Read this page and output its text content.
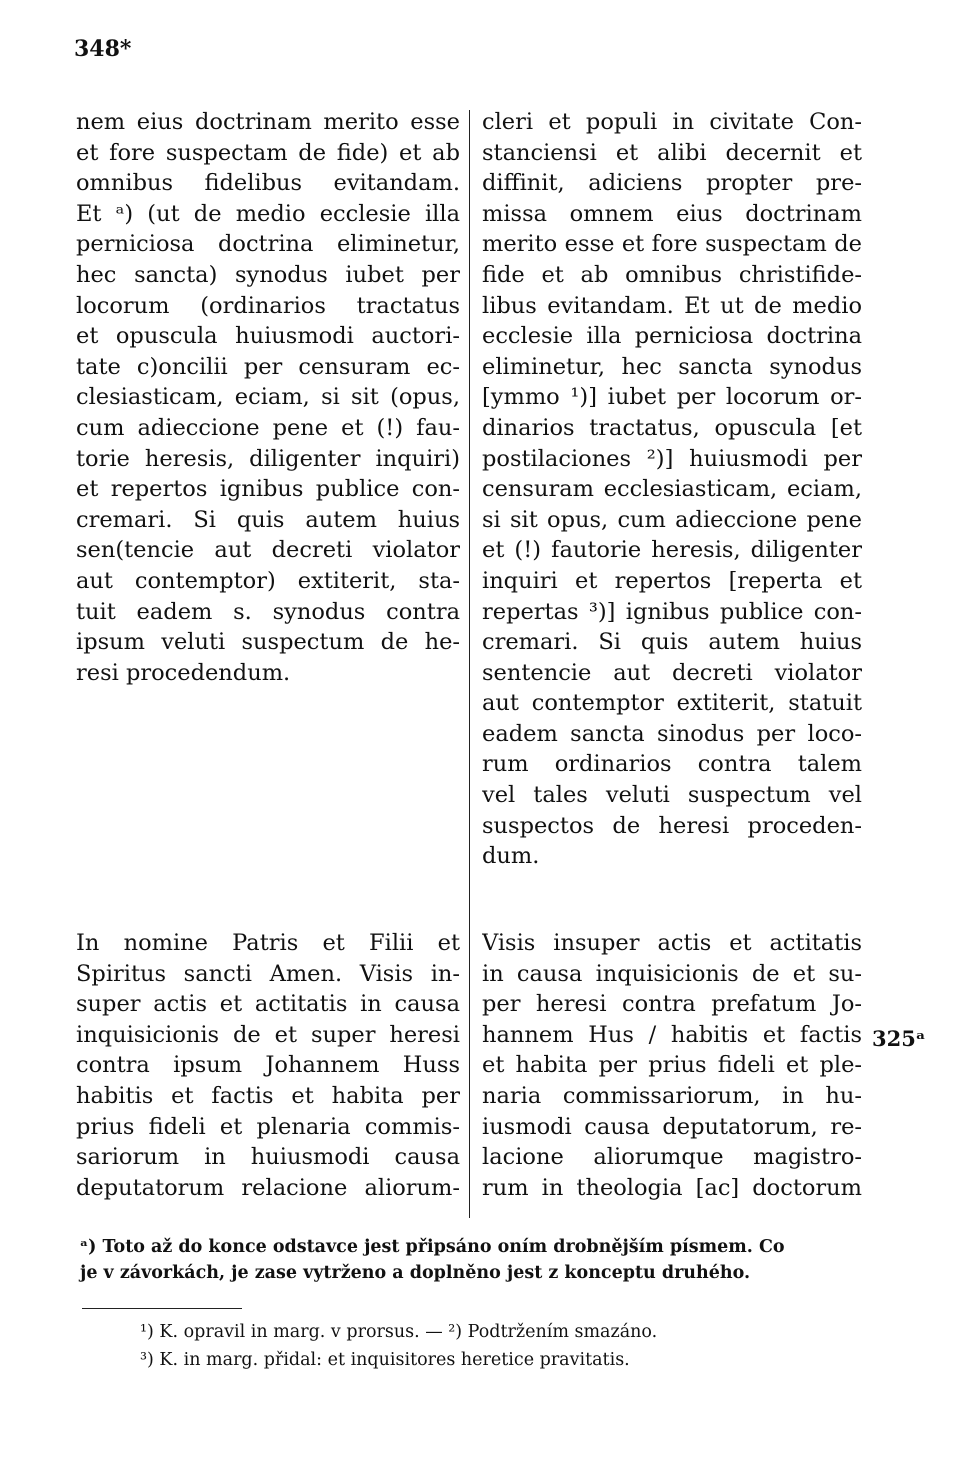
348*
nem eius doctrinam merito esse
et fore suspectam de fide) et ab
omnibus fidelibus evitandam.
Et ᵃ) (ut de medio ecclesie illa
perniciosa doctrina eliminetur,
hec sancta) synodus iubet per
locorum (ordinarios tractatus
et opuscula huiusmodi auctori-
tate c)oncilii per censuram ec-
clesiasticam, eciam, si sit (opus,
cum adieccione pene et (!) fau-
torie heresis, diligenter inquiri)
et repertos ignibus publice con-
cremari. Si quis autem huius
sen(tencie aut decreti violator
aut contemptor) extiterit, sta-
tuit eadem s. synodus contra
ipsum veluti suspectum de he-
resi procedendum.
In nomine Patris et Filii et
Spiritus sancti Amen. Visis in-
super actis et actitatis in causa
inquisicionis de et super heresi
contra ipsum Johannem Huss
habitis et factis et habita per
prius fideli et plenaria commis-
sariorum in huiusmodi causa
deputatorum relacione aliorum-
cleri et populi in civitate Con-
stanciensi et alibi decernit et
diffinit, adiciens propter pre-
missa omnem eius doctrinam
merito esse et fore suspectam de
fide et ab omnibus christifide-
libus evitandam. Et ut de medio
ecclesie illa perniciosa doctrina
eliminetur, hec sancta synodus
[ymmo ¹)] iubet per locorum or-
dinarios tractatus, opuscula [et
postilaciones ²)] huiusmodi per
censuram ecclesiasticam, eciam,
si sit opus, cum adieccione pene
et (!) fautorie heresis, diligenter
inquiri et repertos [reperta et
repertas ³)] ignibus publice con-
cremari. Si quis autem huius
sentencie aut decreti violator
aut contemptor extiterit, statuit
eadem sancta sinodus per loco-
rum ordinarios contra talem
vel tales veluti suspectum vel
suspectos de heresi proceden-
dum.
Visis insuper actis et actitatis
in causa inquisicionis de et su-
per heresi contra prefatum Jo-
hannem Hus / habitis et factis
et habita per prius fideli et ple-
naria commissariorum, in hu-
iusmodi causa deputatorum, re-
lacione aliorumque magistro-
rum in theologia [ac] doctorum
325ᵃ
ᵃ) Toto až do konce odstavce jest připsáno oním drobnějším písmem. Co
je v závorkách, je zase vytrženo a doplněno jest z konceptu druhého.
¹) K. opravil in marg. v prorsus. — ²) Podtržením smazáno.
³) K. in marg. přidal: et inquisitores heretice pravitatis.
